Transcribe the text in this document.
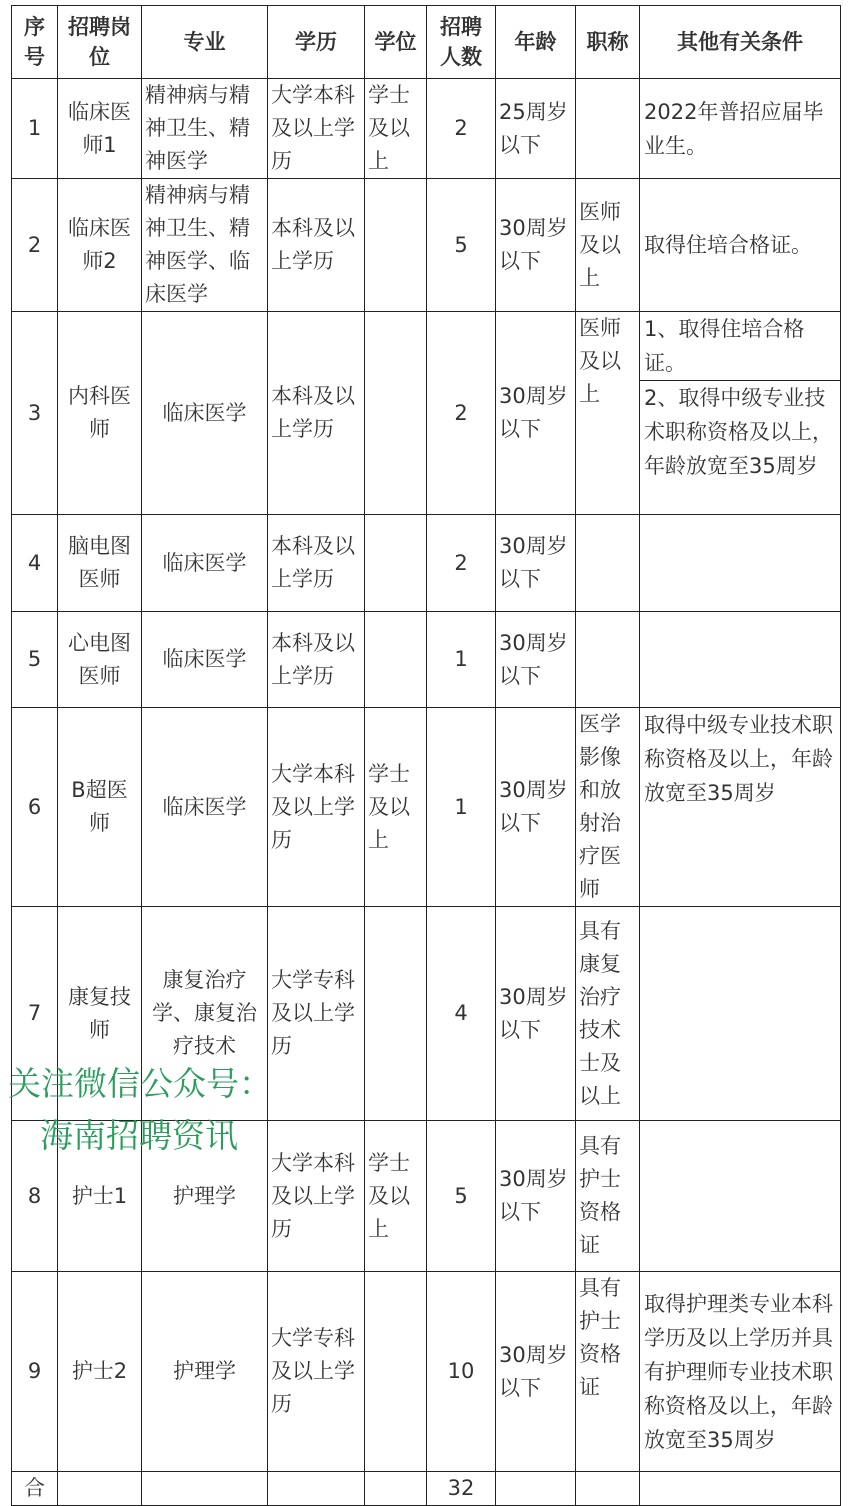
序号	招聘岗位	专业	学历	学位	招聘人数	年龄	职称	其他有关条件
1	临床医师1	精神病与精神卫生、精神医学	大学本科及以上学历	学士及以上	2	25周岁以下		2022年普招应届毕业生。
2	临床医师2	精神病与精神卫生、精神医学、临床医学	本科及以上学历		5	30周岁以下	医师及以上	取得住培合格证。
3	内科医师	临床医学	本科及以上学历		2	30周岁以下	医师及以上	1、取得住培合格证。
2、取得中级专业技术职称资格及以上，年龄放宽至35周岁

4	脑电图医师	临床医学	本科及以上学历		2	30周岁以下		
5	心电图医师	临床医学	本科及以上学历		1	30周岁以下		
6	B超医师	临床医学	大学本科及以上学历	学士及以上	1	30周岁以下	医学影像和放射治疗医师	取得中级专业技术职称资格及以上，年龄放宽至35周岁
7	康复技师	康复治疗学、康复治疗技术	大学专科及以上学历		4	30周岁以下	具有康复治疗技术士及以上	
8	护士1	护理学	大学本科及以上学历	学士及以上	5	30周岁以下	具有护士资格证	
9	护士2	护理学	大学专科及以上学历		10	30周岁以下	具有护士资格证	取得护理类专业本科学历及以上学历并具有护理师专业技术职称资格及以上，年龄放宽至35周岁
合					32			
关注微信公众号：
海南招聘资讯
